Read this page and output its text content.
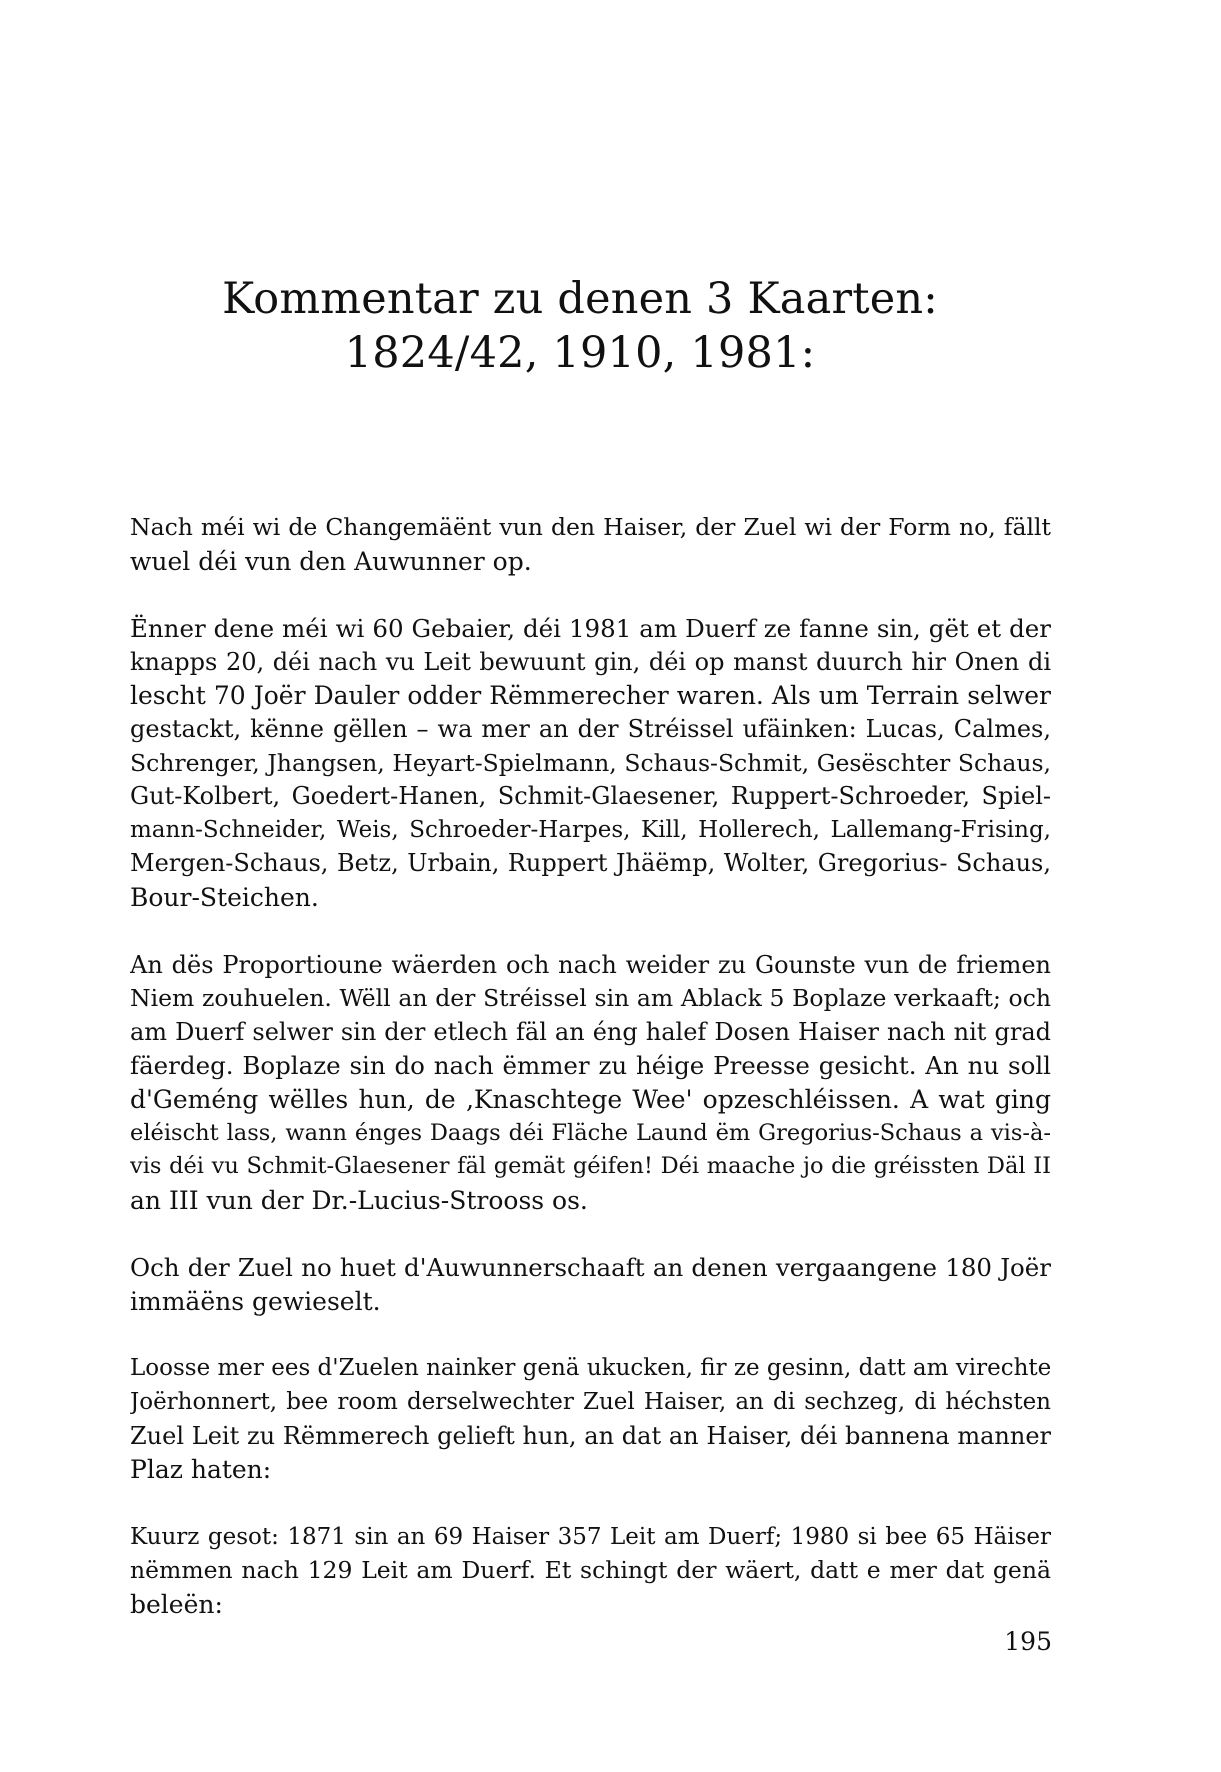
Kommentar zu denen 3 Kaarten:
1824/42, 1910, 1981:

Nach méi wi de Changemäënt vun den Haiser, der Zuel wi der Form no, fällt
wuel déi vun den Auwunner op.

Ënner dene méi wi 60 Gebaier, déi 1981 am Duerf ze fanne sin, gët et der
knapps 20, déi nach vu Leit bewuunt gin, déi op manst duurch hir Onen di
lescht 70 Joër Dauler odder Rëmmerecher waren. Als um Terrain selwer
gestackt, kënne gëllen – wa mer an der Stréissel ufäinken: Lucas, Calmes,
Schrenger, Jhangsen, Heyart-Spielmann, Schaus-Schmit, Gesëschter Schaus,
Gut-Kolbert, Goedert-Hanen, Schmit-Glaesener, Ruppert-Schroeder, Spiel-
mann-Schneider, Weis, Schroeder-Harpes, Kill, Hollerech, Lallemang-Frising,
Mergen-Schaus, Betz, Urbain, Ruppert Jhäëmp, Wolter, Gregorius- Schaus,
Bour-Steichen.

An dës Proportioune wäerden och nach weider zu Gounste vun de friemen
Niem zouhuelen. Wëll an der Stréissel sin am Ablack 5 Boplaze verkaaft; och
am Duerf selwer sin der etlech fäl an éng halef Dosen Haiser nach nit grad
fäerdeg. Boplaze sin do nach ëmmer zu héige Preesse gesicht. An nu soll
d'Geméng wëlles hun, de ‚Knaschtege Wee' opzeschléissen. A wat ging
eléischt lass, wann énges Daags déi Fläche Laund ëm Gregorius-Schaus a vis-à-
vis déi vu Schmit-Glaesener fäl gemät géifen! Déi maache jo die gréissten Däl II
an III vun der Dr.-Lucius-Strooss os.

Och der Zuel no huet d'Auwunnerschaaft an denen vergaangene 180 Joër
immäëns gewieselt.

Loosse mer ees d'Zuelen nainker genä ukucken, fir ze gesinn, datt am virechte
Joërhonnert, bee room derselwechter Zuel Haiser, an di sechzeg, di héchsten
Zuel Leit zu Rëmmerech gelieft hun, an dat an Haiser, déi bannena manner
Plaz haten:

Kuurz gesot: 1871 sin an 69 Haiser 357 Leit am Duerf; 1980 si bee 65 Häiser
nëmmen nach 129 Leit am Duerf. Et schingt der wäert, datt e mer dat genä
beleën:

195
